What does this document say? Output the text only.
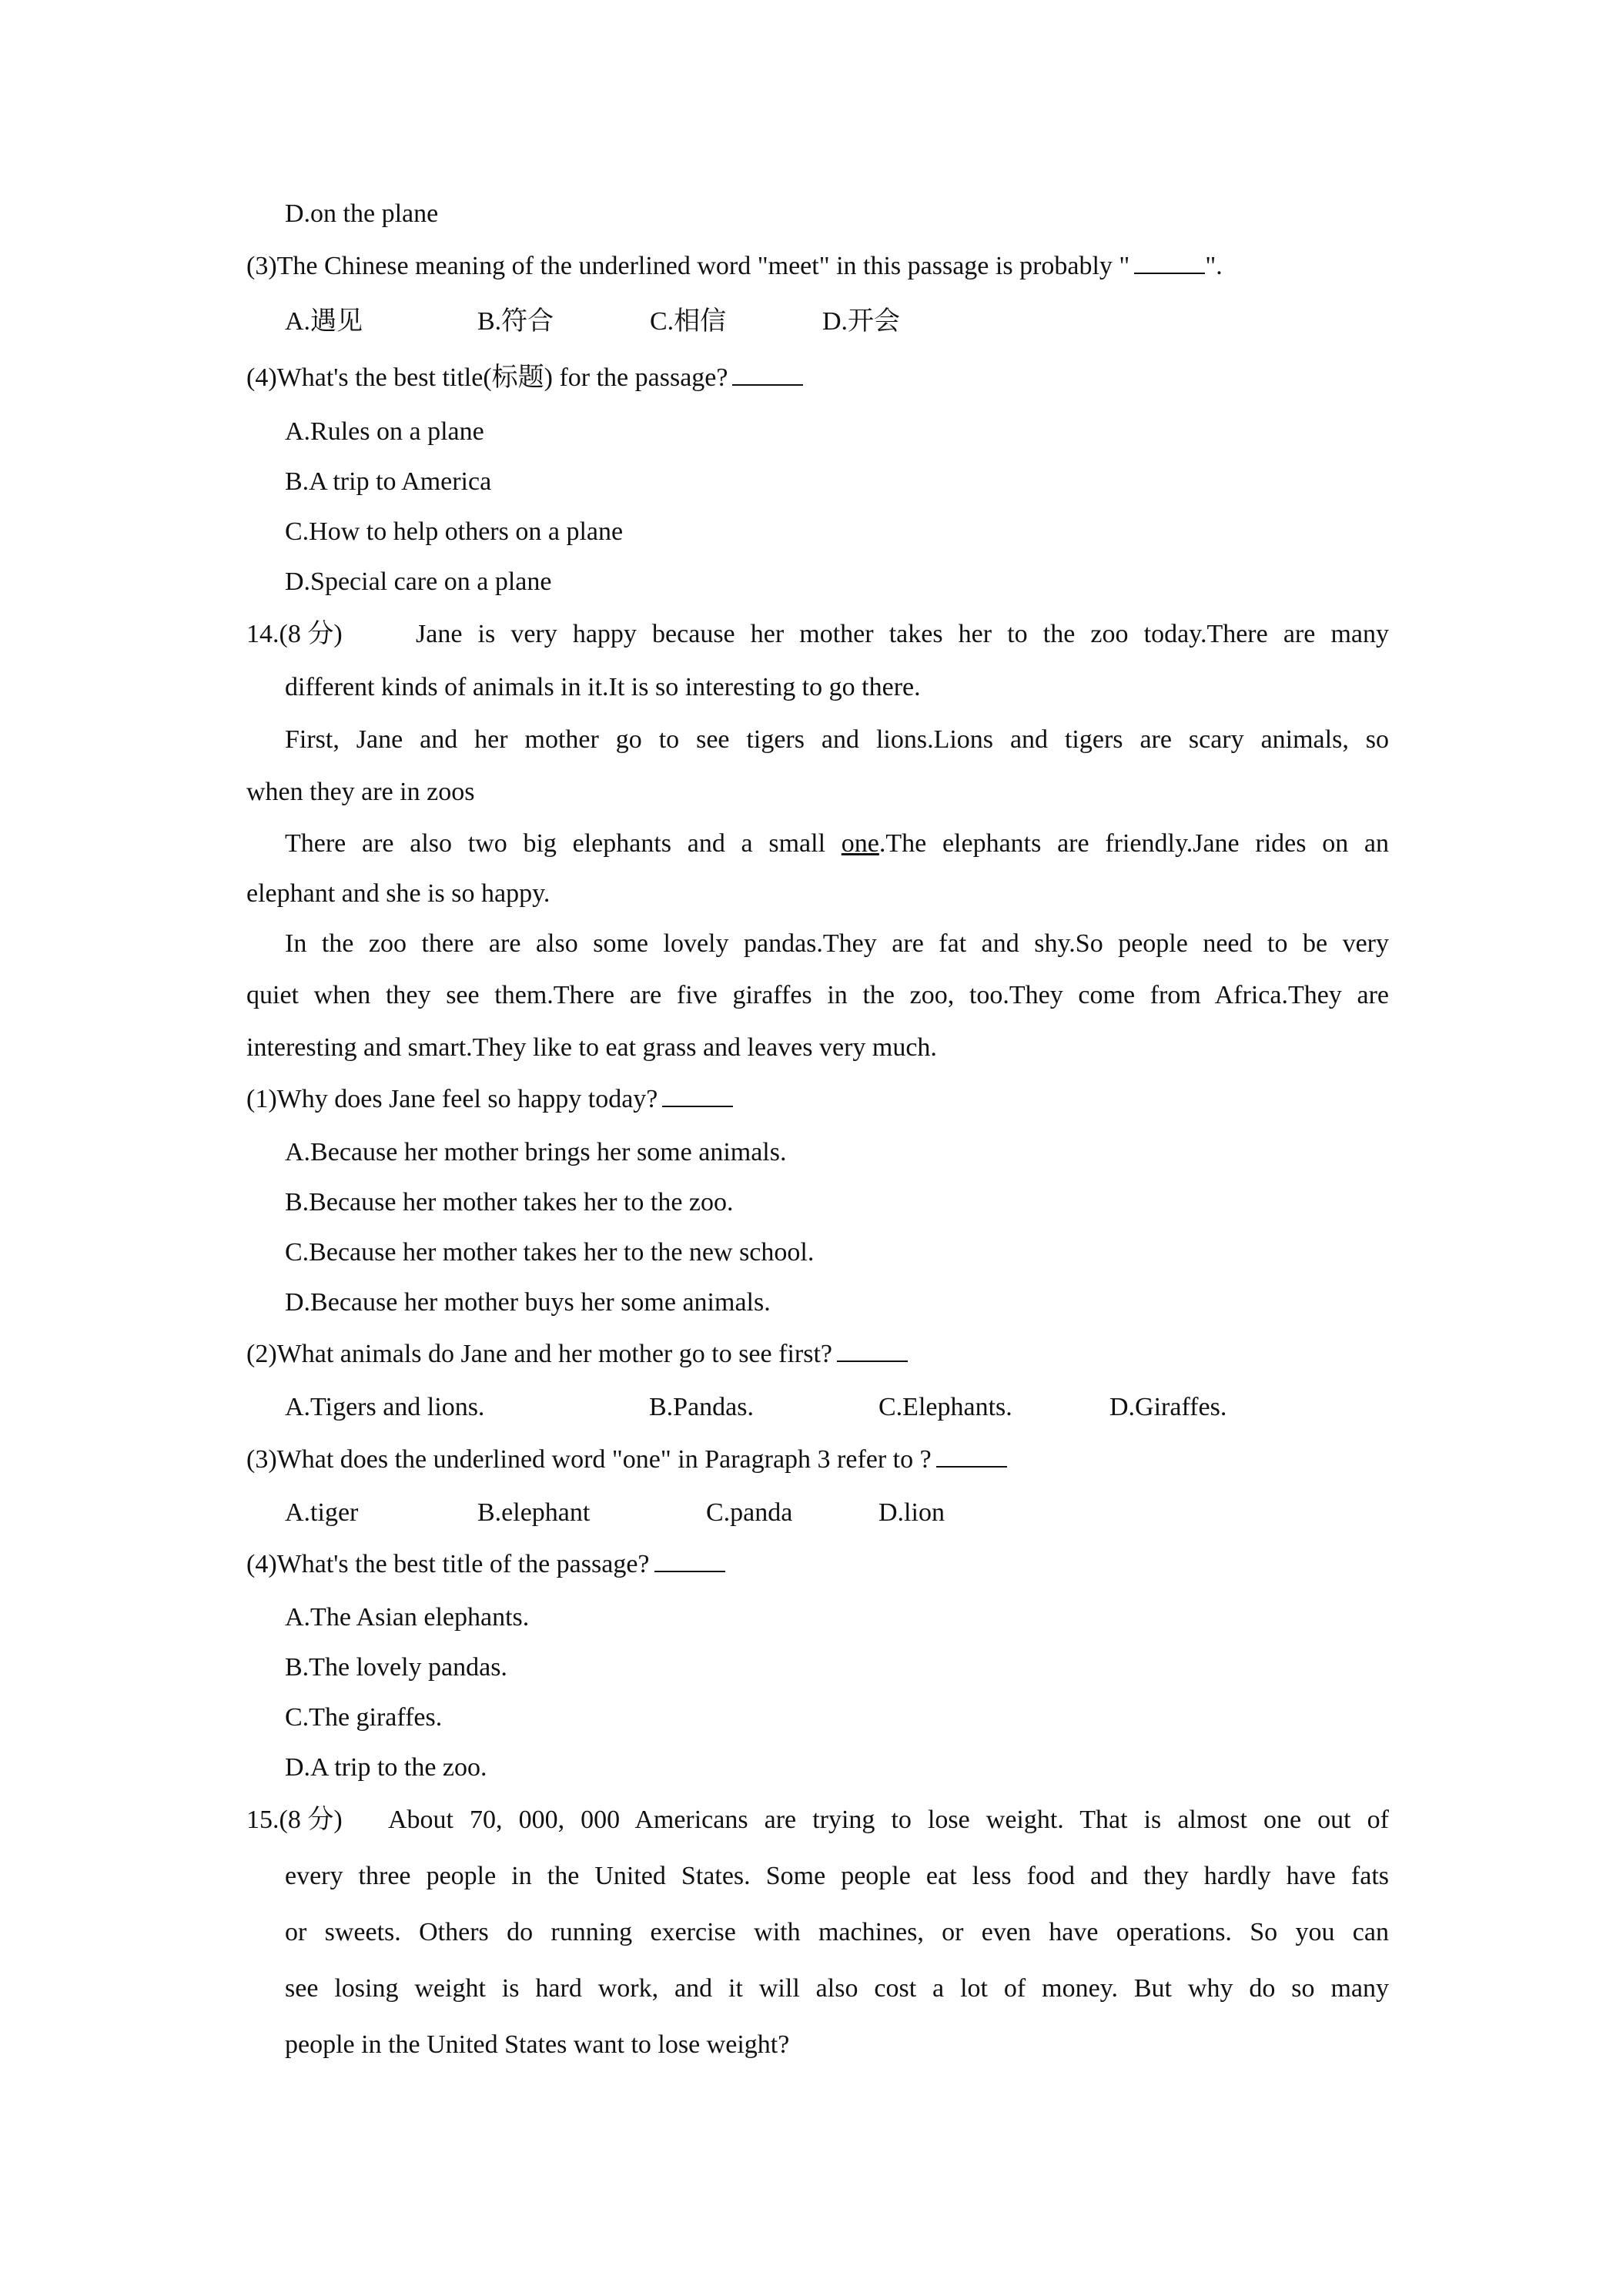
D.on the plane
(3)The Chinese meaning of the underlined word "meet" in this passage is probably "	".
A.遇见	B.符合	C.相信	D.开会
(4)What's the best title(标题) for the passage?
A.Rules on a plane
B.A trip to America
C.How to help others on a plane
D.Special care on a plane
14.(8 分)	Jane is very happy because her mother takes her to the zoo today.There are many
different kinds of animals in it.It is so interesting to go there.
First, Jane and her mother go to see tigers and lions.Lions and tigers are scary animals, so
when they are in zoos
There are also two big elephants and a small one.The elephants are friendly.Jane rides on an
elephant and she is so happy.
In the zoo there are also some lovely pandas.They are fat and shy.So people need to be very
quiet when they see them.There are five giraffes in the zoo, too.They come from Africa.They are
interesting and smart.They like to eat grass and leaves very much.
(1)Why does Jane feel so happy today?
A.Because her mother brings her some animals.
B.Because her mother takes her to the zoo.
C.Because her mother takes her to the new school.
D.Because her mother buys her some animals.
(2)What animals do Jane and her mother go to see first?
A.Tigers and lions.	B.Pandas.	C.Elephants.	D.Giraffes.
(3)What does the underlined word "one" in Paragraph 3 refer to ?
A.tiger	B.elephant	C.panda	D.lion
(4)What's the best title of the passage?
A.The Asian elephants.
B.The lovely pandas.
C.The giraffes.
D.A trip to the zoo.
15.(8 分) About 70, 000, 000 Americans are trying to lose weight. That is almost one out of
every three people in the United States. Some people eat less food and they hardly have fats
or sweets. Others do running exercise with machines, or even have operations. So you can
see losing weight is hard work, and it will also cost a lot of money. But why do so many
people in the United States want to lose weight?
